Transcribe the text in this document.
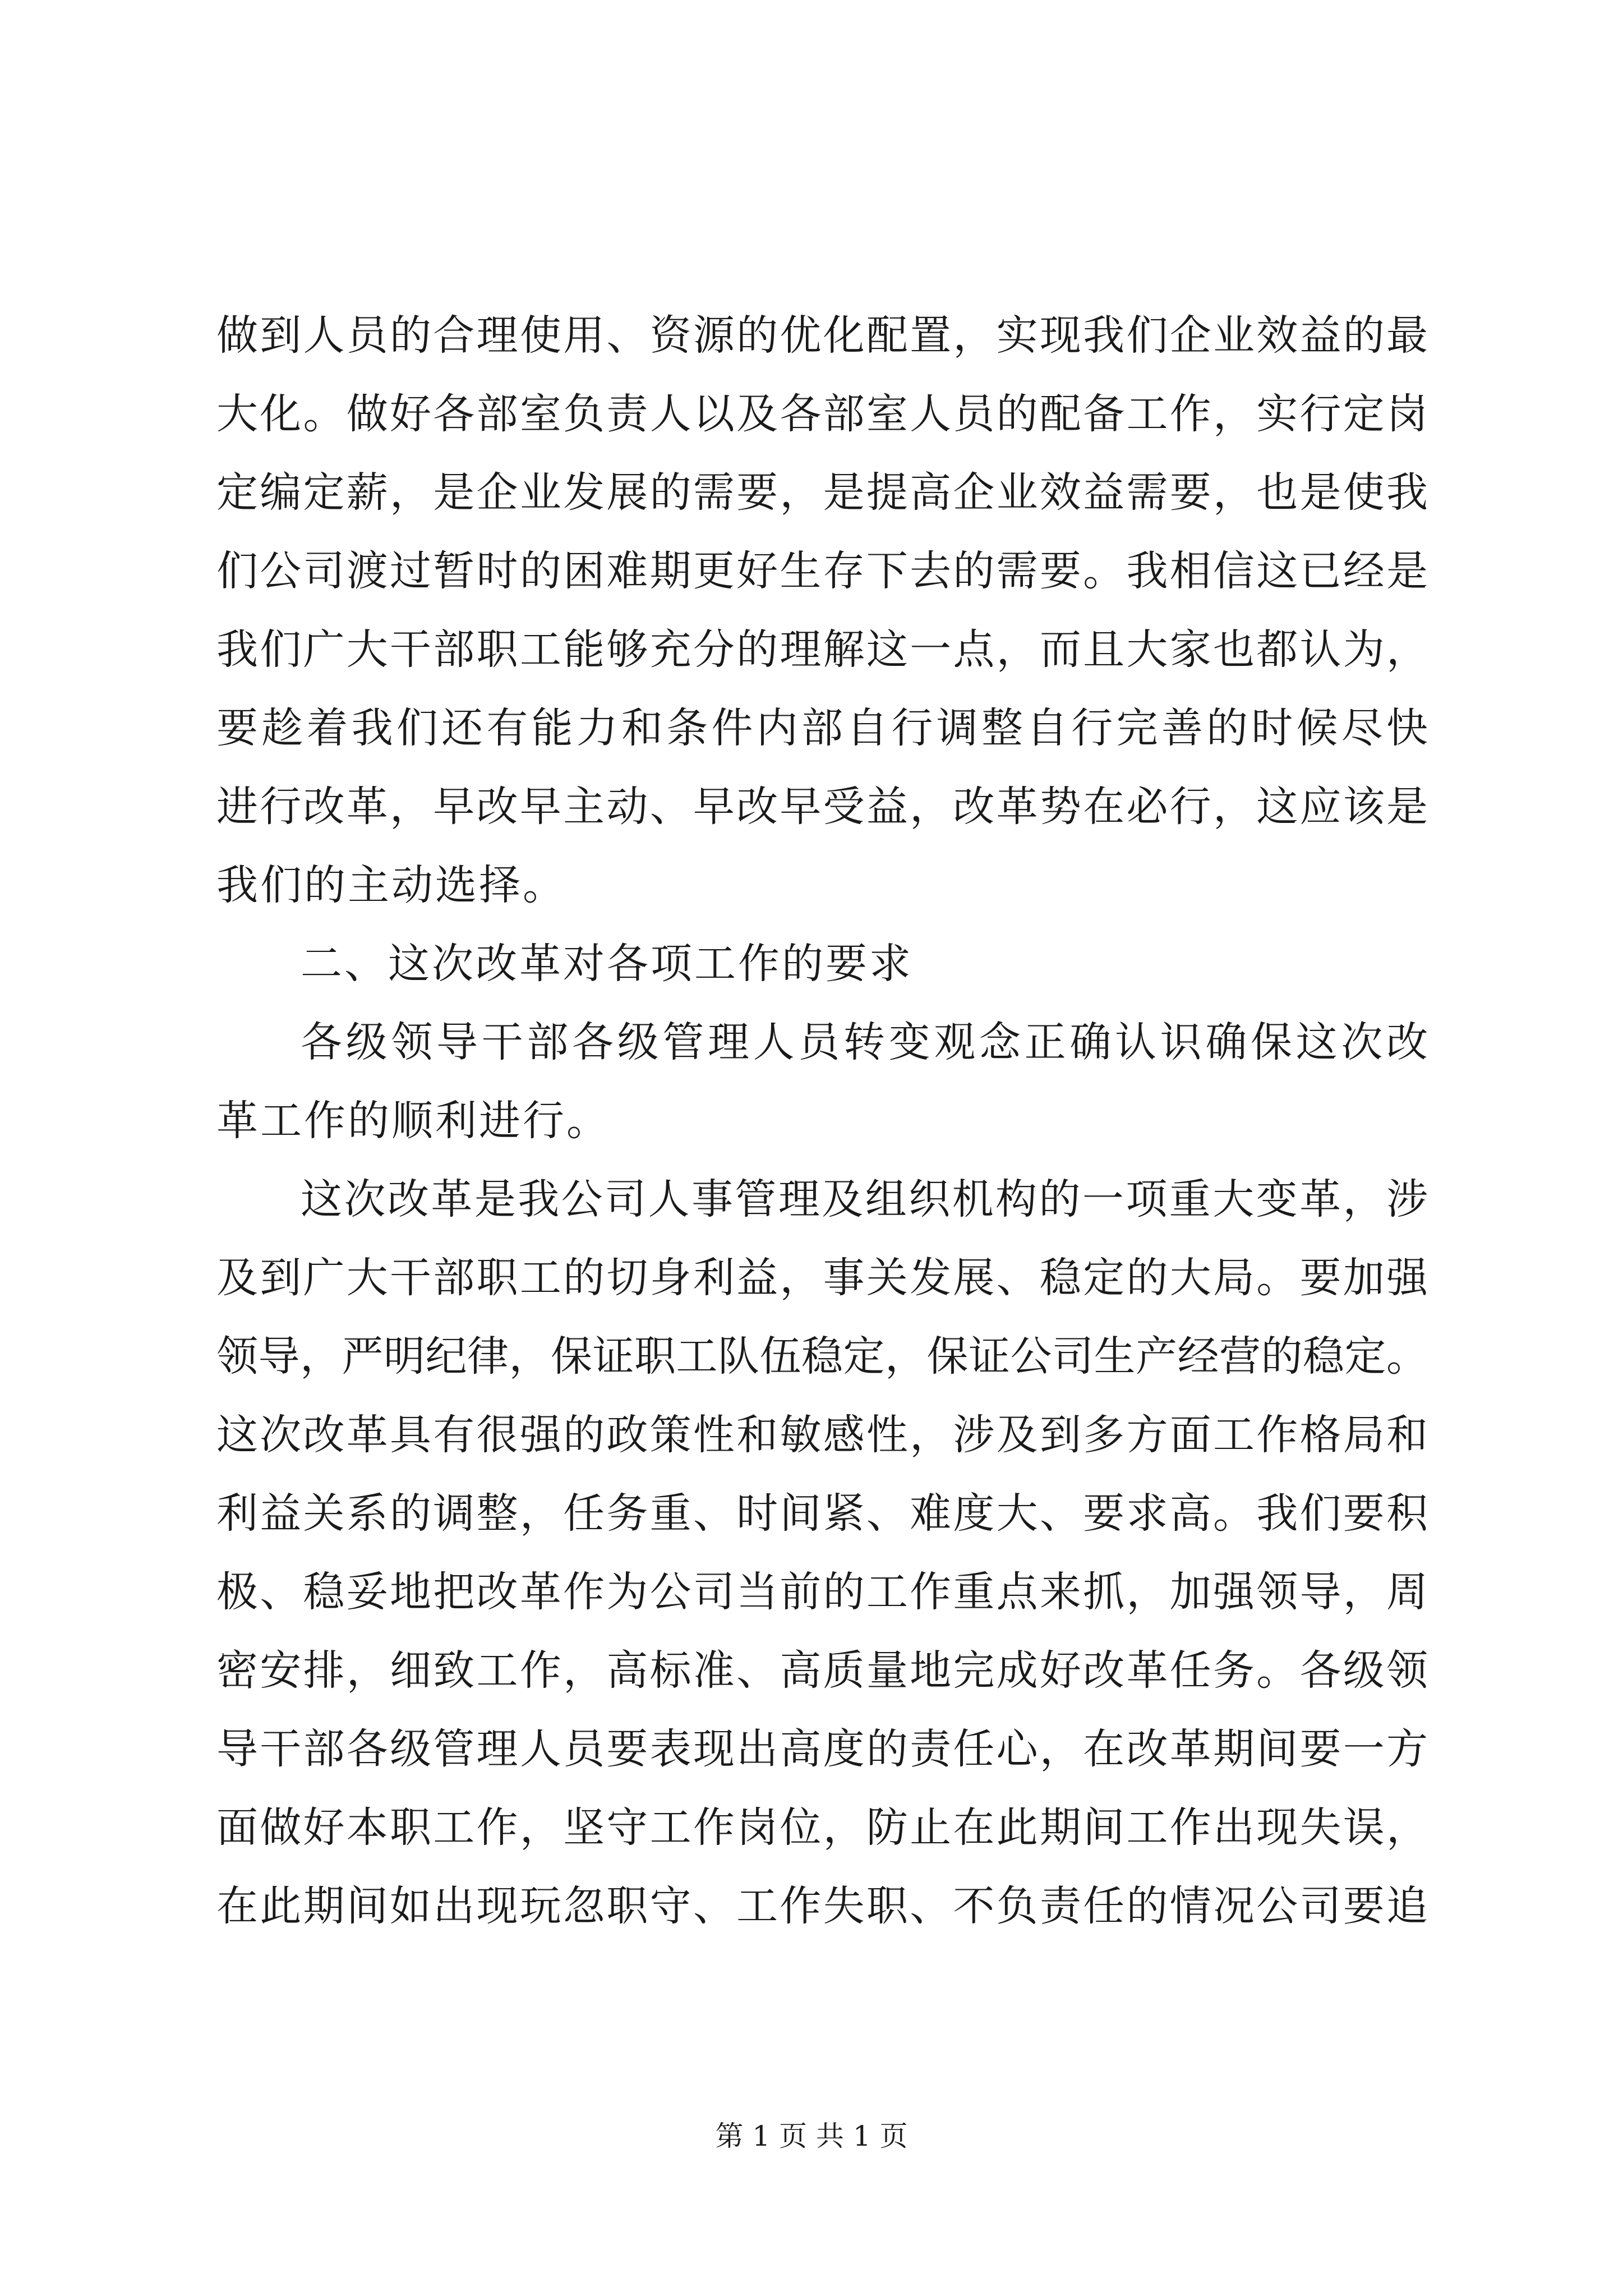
做到人员的合理使用、资源的优化配置，实现我们企业效益的最
大化。做好各部室负责人以及各部室人员的配备工作，实行定岗
定编定薪，是企业发展的需要，是提高企业效益需要，也是使我
们公司渡过暂时的困难期更好生存下去的需要。我相信这已经是
我们广大干部职工能够充分的理解这一点，而且大家也都认为，
要趁着我们还有能力和条件内部自行调整自行完善的时候尽快
进行改革，早改早主动、早改早受益，改革势在必行，这应该是
我们的主动选择。
二、这次改革对各项工作的要求
各级领导干部各级管理人员转变观念正确认识确保这次改
革工作的顺利进行。
这次改革是我公司人事管理及组织机构的一项重大变革，涉
及到广大干部职工的切身利益，事关发展、稳定的大局。要加强
领导，严明纪律，保证职工队伍稳定，保证公司生产经营的稳定。
这次改革具有很强的政策性和敏感性，涉及到多方面工作格局和
利益关系的调整，任务重、时间紧、难度大、要求高。我们要积
极、稳妥地把改革作为公司当前的工作重点来抓，加强领导，周
密安排，细致工作，高标准、高质量地完成好改革任务。各级领
导干部各级管理人员要表现出高度的责任心，在改革期间要一方
面做好本职工作，坚守工作岗位，防止在此期间工作出现失误，
在此期间如出现玩忽职守、工作失职、不负责任的情况公司要追
第 1 页 共 1 页
